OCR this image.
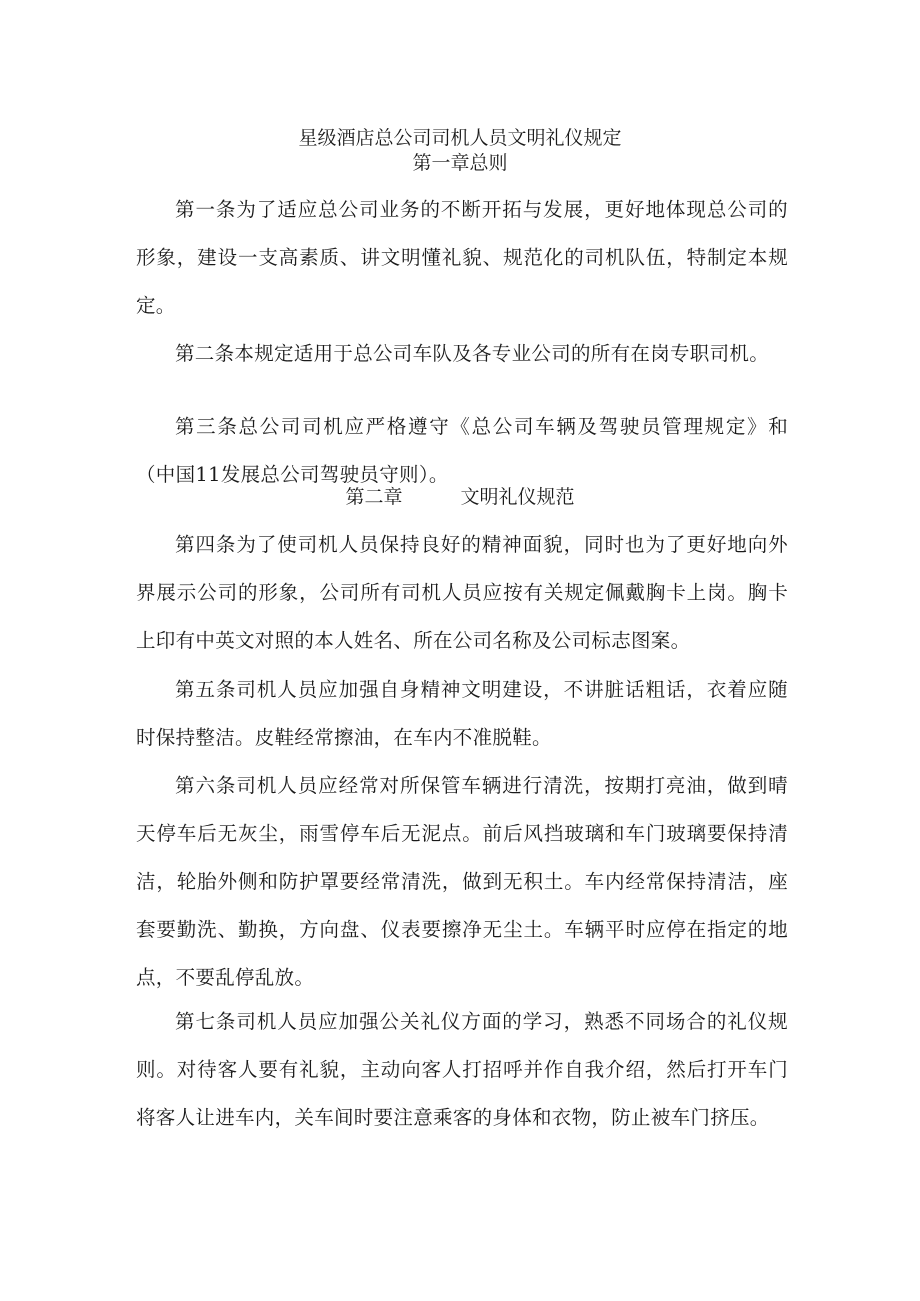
星级酒店总公司司机人员文明礼仪规定
第一章总则

第一条为了适应总公司业务的不断开拓与发展，更好地体现总公司的形象，建设一支高素质、讲文明懂礼貌、规范化的司机队伍，特制定本规定。

第二条本规定适用于总公司车队及各专业公司的所有在岗专职司机。

第三条总公司司机应严格遵守《总公司车辆及驾驶员管理规定》和（中国11发展总公司驾驶员守则）。

第二章	文明礼仪规范

第四条为了使司机人员保持良好的精神面貌，同时也为了更好地向外界展示公司的形象，公司所有司机人员应按有关规定佩戴胸卡上岗。胸卡上印有中英文对照的本人姓名、所在公司名称及公司标志图案。

第五条司机人员应加强自身精神文明建设，不讲脏话粗话，衣着应随时保持整洁。皮鞋经常擦油，在车内不准脱鞋。

第六条司机人员应经常对所保管车辆进行清洗，按期打亮油，做到晴天停车后无灰尘，雨雪停车后无泥点。前后风挡玻璃和车门玻璃要保持清洁，轮胎外侧和防护罩要经常清洗，做到无积土。车内经常保持清洁，座套要勤洗、勤换，方向盘、仪表要擦净无尘土。车辆平时应停在指定的地点，不要乱停乱放。

第七条司机人员应加强公关礼仪方面的学习，熟悉不同场合的礼仪规则。对待客人要有礼貌，主动向客人打招呼并作自我介绍，然后打开车门将客人让进车内，关车间时要注意乘客的身体和衣物，防止被车门挤压。
